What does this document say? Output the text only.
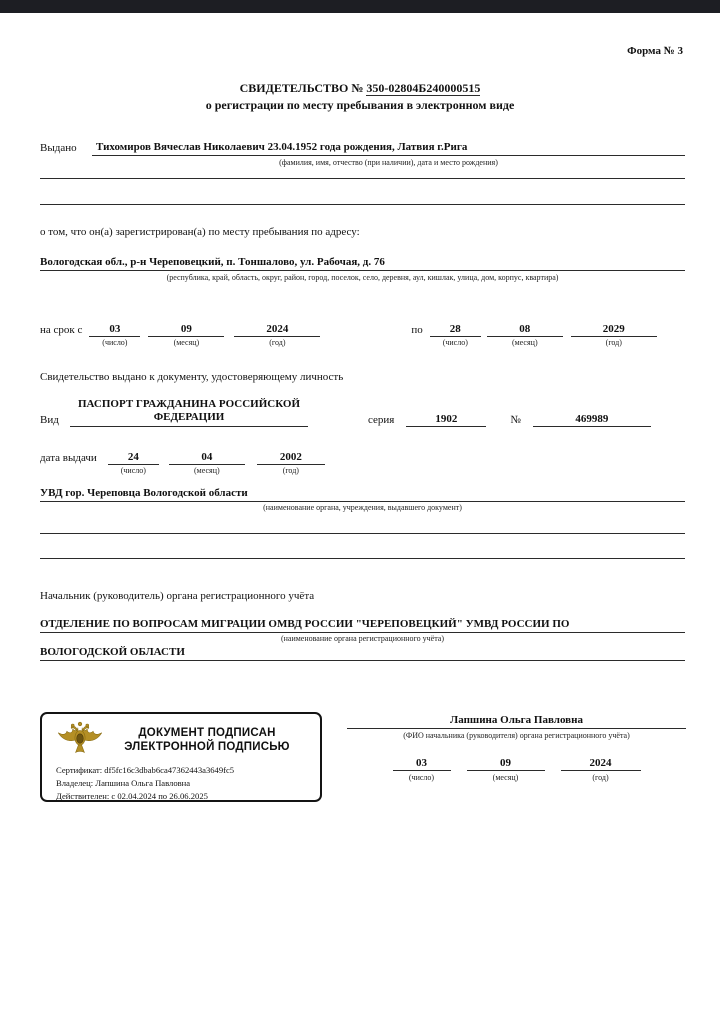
Форма № 3
СВИДЕТЕЛЬСТВО № 350-02804Б240000515
о регистрации по месту пребывания в электронном виде
Выдано	Тихомиров Вячеслав Николаевич 23.04.1952 года рождения, Латвия г.Рига
(фамилия, имя, отчество (при наличии), дата и место рождения)
о том, что он(а) зарегистрирован(а) по месту пребывания по адресу:
Вологодская обл., р-н Череповецкий, п. Тоншалово, ул. Рабочая, д. 76
(республика, край, область, округ, район, город, поселок, село, деревня, аул, кишлак, улица, дом, корпус, квартира)
на срок с	03
(число)
09
(месяц)
2024
(год)
по	28
(число)
08
(месяц)
2029
(год)
Свидетельство выдано к документу, удостоверяющему личность
Вид
ПАСПОРТ ГРАЖДАНИНА РОССИЙСКОЙ
ФЕДЕРАЦИИ	серия	1902	№	469989
дата выдачи	24
(число)
04
(месяц)
2002
(год)
УВД гор. Череповца Вологодской области
(наименование органа, учреждения, выдавшего документ)
Начальник (руководитель) органа регистрационного учёта
ОТДЕЛЕНИЕ ПО ВОПРОСАМ МИГРАЦИИ ОМВД РОССИИ "ЧЕРЕПОВЕЦКИЙ" УМВД РОССИИ ПО
(наименование органа регистрационного учёта)
ВОЛОГОДСКОЙ ОБЛАСТИ
ДОКУМЕНТ ПОДПИСАН
ЭЛЕКТРОННОЙ ПОДПИСЬЮ
Сертификат: df5fc16c3dbab6ca47362443a3649fc5
Владелец: Лапшина Ольга Павловна
Действителен: с 02.04.2024 по 26.06.2025
Лапшина Ольга Павловна
(ФИО начальника (руководителя) органа регистрационного учёта)
03
(число)
09
(месяц)
2024
(год)
